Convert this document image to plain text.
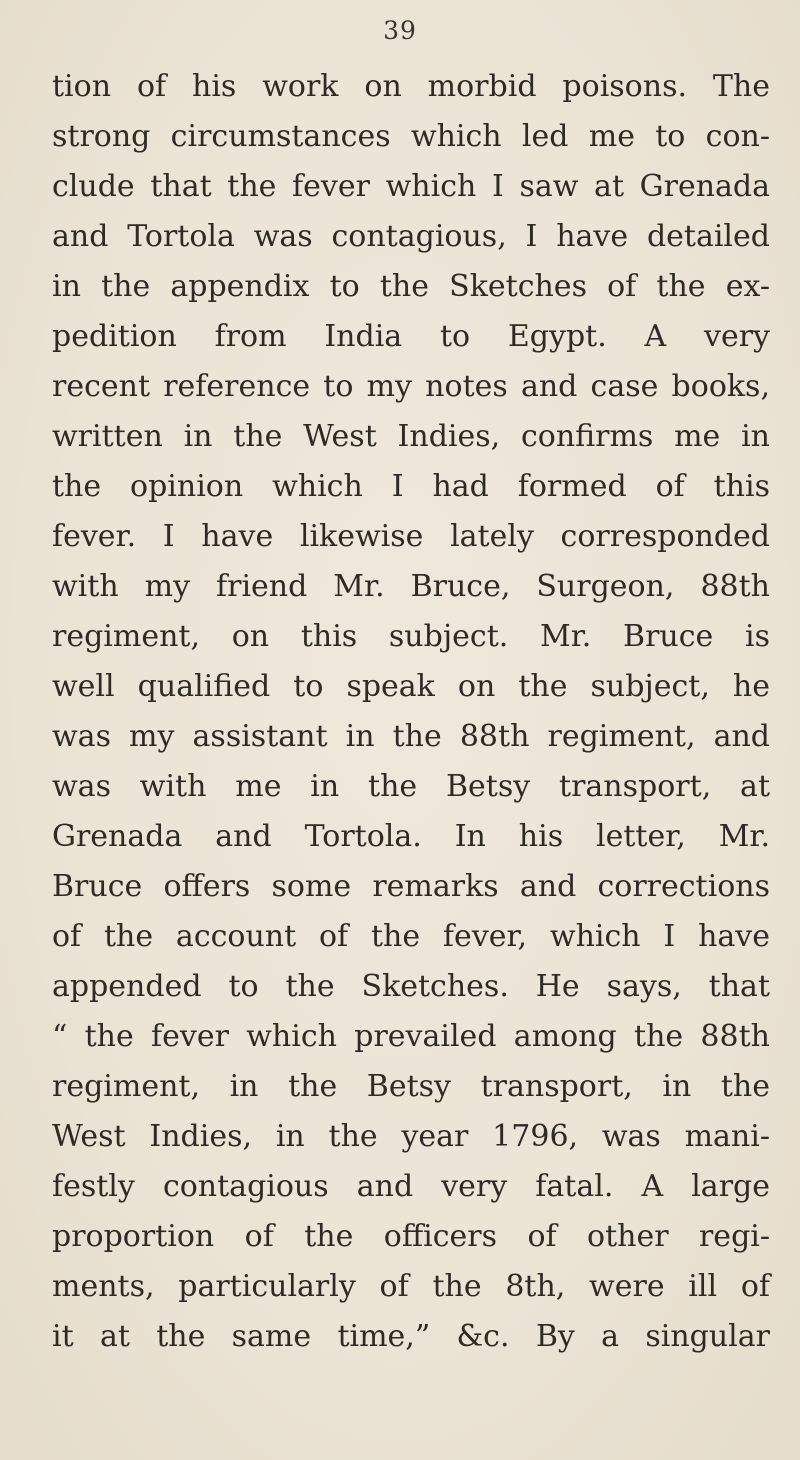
39
tion of his work on morbid poisons. The
strong circumstances which led me to con-
clude that the fever which I saw at Grenada
and Tortola was contagious, I have detailed
in the appendix to the Sketches of the ex-
pedition from India to Egypt. A very
recent reference to my notes and case books,
written in the West Indies, confirms me in
the opinion which I had formed of this
fever. I have likewise lately corresponded
with my friend Mr. Bruce, Surgeon, 88th
regiment, on this subject. Mr. Bruce is
well qualified to speak on the subject, he
was my assistant in the 88th regiment, and
was with me in the Betsy transport, at
Grenada and Tortola. In his letter, Mr.
Bruce offers some remarks and corrections
of the account of the fever, which I have
appended to the Sketches. He says, that
“ the fever which prevailed among the 88th
regiment, in the Betsy transport, in the
West Indies, in the year 1796, was mani-
festly contagious and very fatal. A large
proportion of the officers of other regi-
ments, particularly of the 8th, were ill of
it at the same time,” &c. By a singular
